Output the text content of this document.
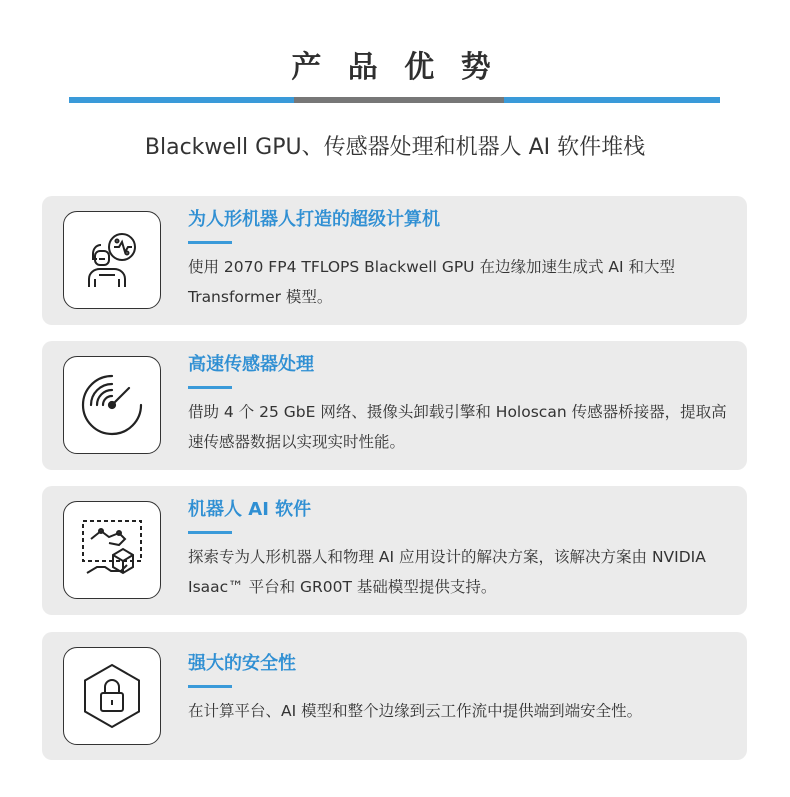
产 品 优 势
Blackwell GPU、传感器处理和机器人 AI 软件堆栈
为人形机器人打造的超级计算机
使用 2070 FP4 TFLOPS Blackwell GPU 在边缘加速生成式 AI 和大型 Transformer 模型。
高速传感器处理
借助 4 个 25 GbE 网络、摄像头卸载引擎和 Holoscan 传感器桥接器，提取高速传感器数据以实现实时性能。
机器人 AI 软件
探索专为人形机器人和物理 AI 应用设计的解决方案，该解决方案由 NVIDIA Isaac™ 平台和 GR00T 基础模型提供支持。
强大的安全性
在计算平台、AI 模型和整个边缘到云工作流中提供端到端安全性。
